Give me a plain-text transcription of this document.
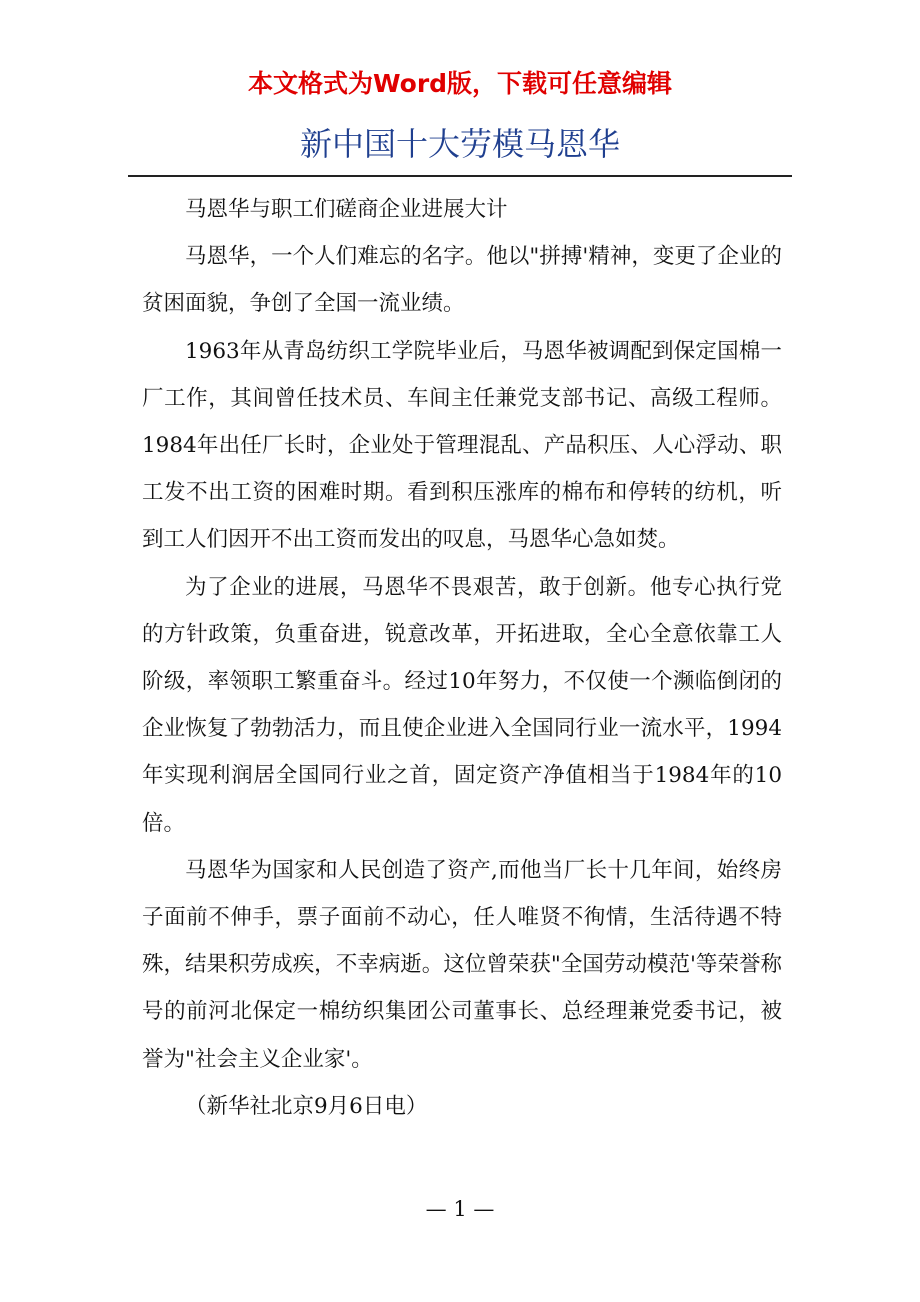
本文格式为Word版，下载可任意编辑
新中国十大劳模马恩华

马恩华与职工们磋商企业进展大计

马恩华，一个人们难忘的名字。他以"拼搏'精神，变更了企业的贫困面貌，争创了全国一流业绩。

1963年从青岛纺织工学院毕业后，马恩华被调配到保定国棉一厂工作，其间曾任技术员、车间主任兼党支部书记、高级工程师。1984年出任厂长时，企业处于管理混乱、产品积压、人心浮动、职工发不出工资的困难时期。看到积压涨库的棉布和停转的纺机，听到工人们因开不出工资而发出的叹息，马恩华心急如焚。

为了企业的进展，马恩华不畏艰苦，敢于创新。他专心执行党的方针政策，负重奋进，锐意改革，开拓进取，全心全意依靠工人阶级，率领职工繁重奋斗。经过10年努力，不仅使一个濒临倒闭的企业恢复了勃勃活力，而且使企业进入全国同行业一流水平，1994年实现利润居全国同行业之首，固定资产净值相当于1984年的10倍。

马恩华为国家和人民创造了资产,而他当厂长十几年间，始终房子面前不伸手，票子面前不动心，任人唯贤不徇情，生活待遇不特殊，结果积劳成疾，不幸病逝。这位曾荣获"全国劳动模范'等荣誉称号的前河北保定一棉纺织集团公司董事长、总经理兼党委书记，被誉为"社会主义企业家'。

（新华社北京9月6日电）

— 1 —
